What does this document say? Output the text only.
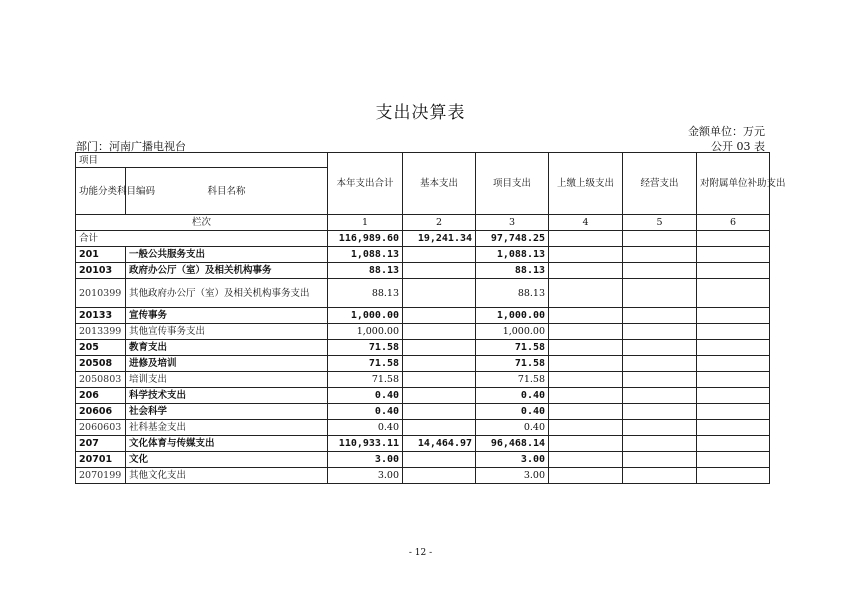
支出决算表
金额单位：万元
部门：河南广播电视台	公开 03 表
项目		本年支出合计	基本支出	项目支出	上缴上级支出	经营支出	对附属单位补助支出
功能分类科目编码	科目名称						
栏次		1	2	3	4	5	6
合计		116,989.60	19,241.34	97,748.25			
201	一般公共服务支出	1,088.13		1,088.13			
20103	政府办公厅（室）及相关机构事务	88.13		88.13			
2010399	其他政府办公厅（室）及相关机构事务支出	88.13		88.13			
20133	宣传事务	1,000.00		1,000.00			
2013399	其他宣传事务支出	1,000.00		1,000.00			
205	教育支出	71.58		71.58			
20508	进修及培训	71.58		71.58			
2050803	培训支出	71.58		71.58			
206	科学技术支出	0.40		0.40			
20606	社会科学	0.40		0.40			
2060603	社科基金支出	0.40		0.40			
207	文化体育与传媒支出	110,933.11	14,464.97	96,468.14			
20701	文化	3.00		3.00			
2070199	其他文化支出	3.00		3.00			
- 12 -
